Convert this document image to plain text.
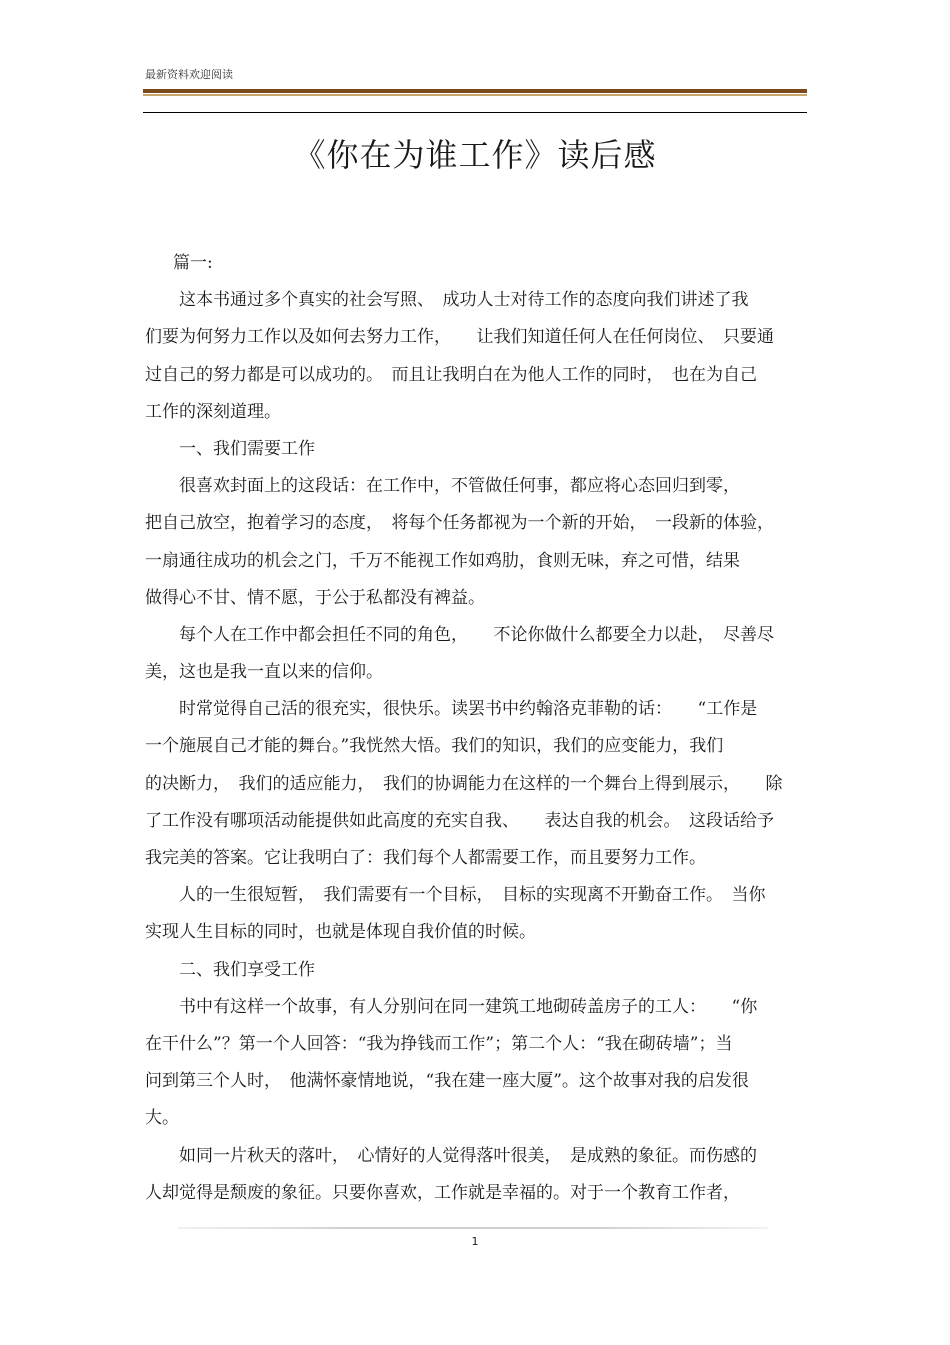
最新资料欢迎阅读
《你在为谁工作》读后感
篇一:
这本书通过多个真实的社会写照、　成功人士对待工作的态度向我们讲述了我
们要为何努力工作以及如何去努力工作，　　让我们知道任何人在任何岗位、　只要通
过自己的努力都是可以成功的。　而且让我明白在为他人工作的同时，　也在为自己
工作的深刻道理。
一、我们需要工作
很喜欢封面上的这段话：在工作中，不管做任何事，都应将心态回归到零，
把自己放空，抱着学习的态度，　将每个任务都视为一个新的开始，　一段新的体验，
一扇通往成功的机会之门，千万不能视工作如鸡肋，食则无味，弃之可惜，结果
做得心不甘、情不愿，于公于私都没有裨益。
每个人在工作中都会担任不同的角色，　　不论你做什么都要全力以赴，　尽善尽
美，这也是我一直以来的信仰。
时常觉得自己活的很充实，很快乐。读罢书中约翰洛克菲勒的话：　　“工作是
一个施展自己才能的舞台。”我恍然大悟。我们的知识，我们的应变能力，我们
的决断力，　我们的适应能力，　我们的协调能力在这样的一个舞台上得到展示，　　除
了工作没有哪项活动能提供如此高度的充实自我、　　表达自我的机会。　这段话给予
我完美的答案。它让我明白了：我们每个人都需要工作，而且要努力工作。
人的一生很短暂，　我们需要有一个目标，　目标的实现离不开勤奋工作。　当你
实现人生目标的同时，也就是体现自我价值的时候。
二、我们享受工作
书中有这样一个故事，有人分别问在同一建筑工地砌砖盖房子的工人：　　“你
在干什么”？第一个人回答：“我为挣钱而工作”；第二个人：“我在砌砖墙”；当
问到第三个人时，　他满怀豪情地说，“我在建一座大厦”。这个故事对我的启发很
大。
如同一片秋天的落叶，　心情好的人觉得落叶很美，　是成熟的象征。而伤感的
人却觉得是颓废的象征。只要你喜欢，工作就是幸福的。对于一个教育工作者，
1
